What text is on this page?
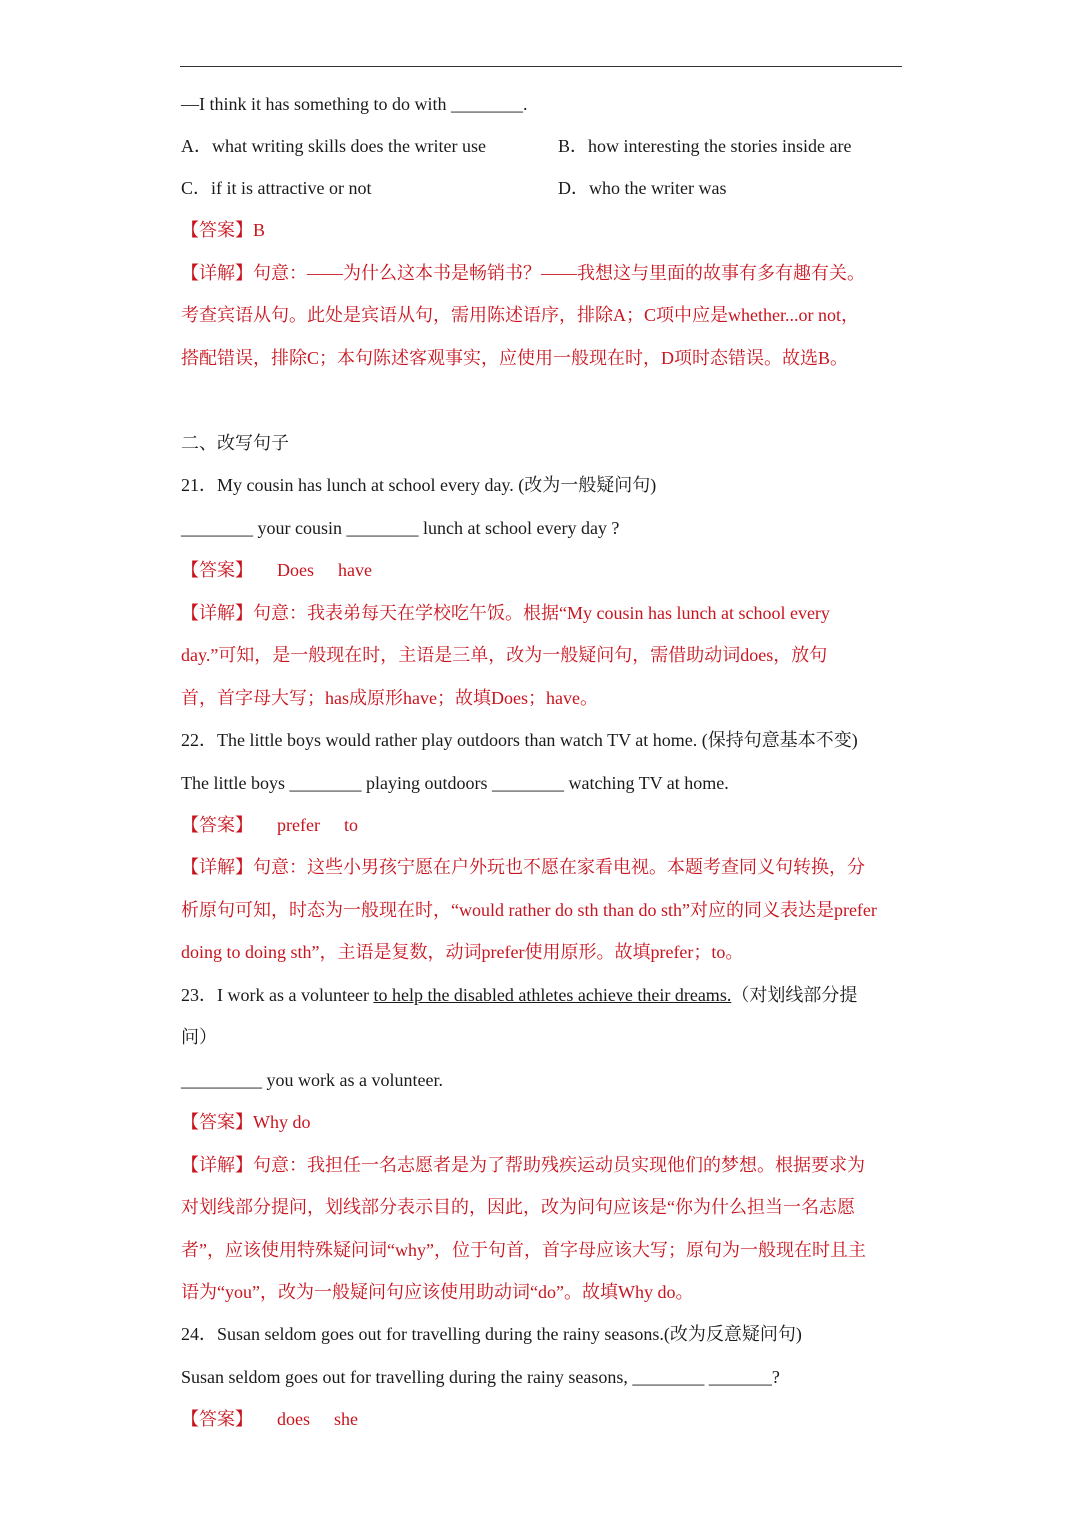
—I think it has something to do with ________.
A．what writing skills does the writer use	B．how interesting the stories inside are
C．if it is attractive or not	D．who the writer was
【答案】B
【详解】句意：——为什么这本书是畅销书？——我想这与里面的故事有多有趣有关。
考查宾语从句。此处是宾语从句，需用陈述语序，排除A；C项中应是whether...or not，
搭配错误，排除C；本句陈述客观事实，应使用一般现在时，D项时态错误。故选B。
二、改写句子
21．My cousin has lunch at school every day. (改为一般疑问句)
________ your cousin ________ lunch at school every day ?
【答案】 Does have
【详解】句意：我表弟每天在学校吃午饭。根据“My cousin has lunch at school every
day.”可知，是一般现在时，主语是三单，改为一般疑问句，需借助动词does，放句
首，首字母大写；has成原形have；故填Does；have。
22．The little boys would rather play outdoors than watch TV at home. (保持句意基本不变)
The little boys ________ playing outdoors ________ watching TV at home.
【答案】 prefer to
【详解】句意：这些小男孩宁愿在户外玩也不愿在家看电视。本题考查同义句转换，分
析原句可知，时态为一般现在时，“would rather do sth than do sth”对应的同义表达是prefer
doing to doing sth”，主语是复数，动词prefer使用原形。故填prefer；to。
23．I work as a volunteer to help the disabled athletes achieve their dreams.（对划线部分提
问）
_________ you work as a volunteer.
【答案】Why do
【详解】句意：我担任一名志愿者是为了帮助残疾运动员实现他们的梦想。根据要求为
对划线部分提问，划线部分表示目的，因此，改为问句应该是“你为什么担当一名志愿
者”，应该使用特殊疑问词“why”，位于句首，首字母应该大写；原句为一般现在时且主
语为“you”，改为一般疑问句应该使用助动词“do”。故填Why do。
24．Susan seldom goes out for travelling during the rainy seasons.(改为反意疑问句)
Susan seldom goes out for travelling during the rainy seasons, ________ _______?
【答案】 does she
